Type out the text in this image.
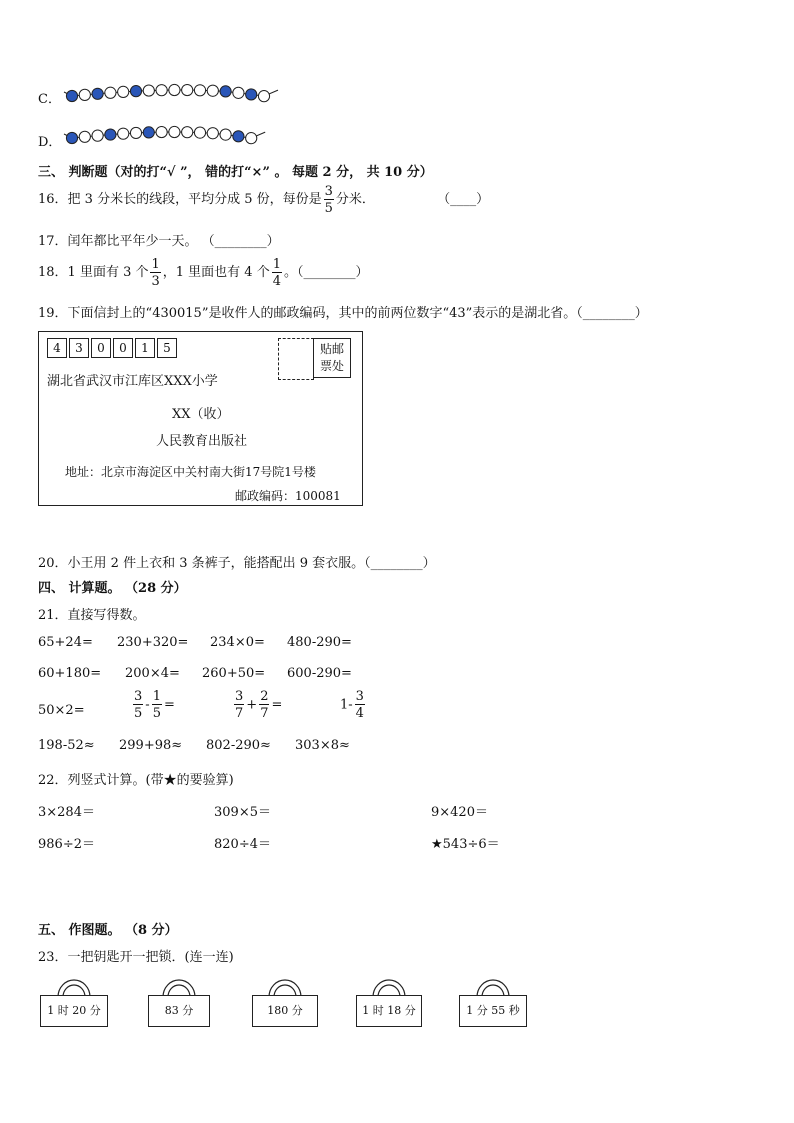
C．
D．
三、 判断题（对的打“√ ”， 错的打“×” 。 每题 2 分， 共 10 分）
16．把 3 分米长的线段，平均分成 5 份，每份是 $\frac{3}{5}$ 分米．	（____）
17．闰年都比平年少一天。 （________）
18．1 里面有 3 个 $\frac{1}{3}$ ，1 里面也有 4 个 $\frac{1}{4}$ 。（________）
19．下面信封上的“430015”是收件人的邮政编码，其中的前两位数字“43”表示的是湖北省。（________）
4	3	0	0	1	5	贴邮
票处
湖北省武汉市江库区XXX小学
XX（收）
人民教育出版社
地址：北京市海淀区中关村南大街17号院1号楼
邮政编码：100081
20．小王用 2 件上衣和 3 条裤子，能搭配出 9 套衣服。（________）
四、 计算题。 （28 分）
21．直接写得数。
65+24= 230+320= 234×0= 480-290=
60+180= 200×4= 260+50= 600-290=
50×2=	$\frac{3}{5} - \frac{1}{5}$ =	$\frac{3}{7} + \frac{2}{7}$ =	$1- \frac{3}{4}$
198-52≈ 299+98≈ 802-290≈ 303×8≈
22．列竖式计算。(带★的要验算)
3×284＝	309×5＝	9×420＝
986÷2＝	820÷4＝	★543÷6＝
五、 作图题。 （8 分）
23．一把钥匙开一把锁．(连一连)
1 时 20 分	83 分	180 分	1 时 18 分	1 分 55 秒
